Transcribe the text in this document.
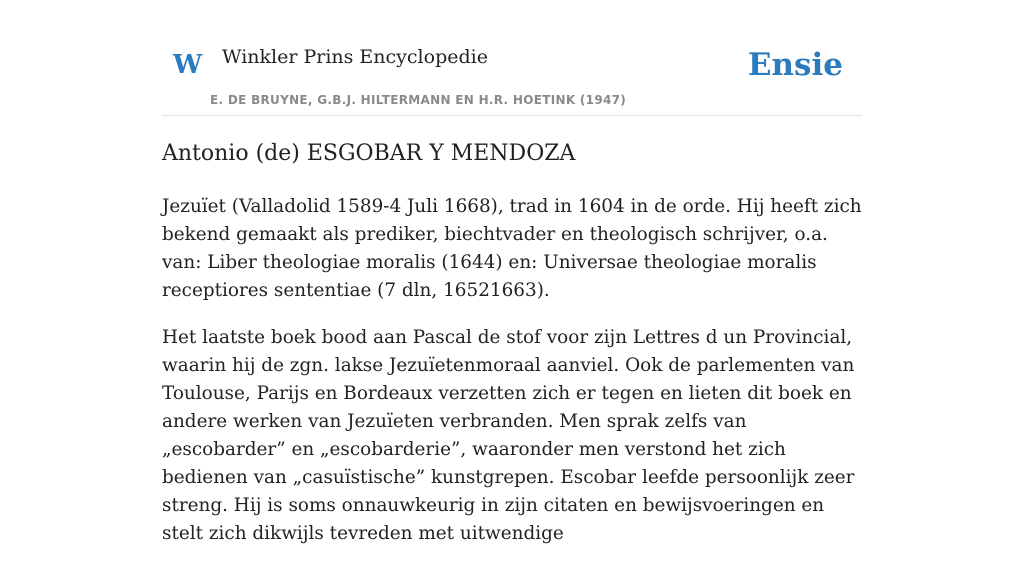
W Winkler Prins Encyclopedie
E. DE BRUYNE, G.B.J. HILTERMANN EN H.R. HOETINK (1947)
Ensie
Antonio (de) ESGOBAR Y MENDOZA

Jezuïet (Valladolid 1589-4 Juli 1668), trad in 1604 in de orde. Hij heeft zich bekend gemaakt als prediker, biechtvader en theologisch schrijver, o.a. van: Liber theologiae moralis (1644) en: Universae theologiae moralis receptiores sententiae (7 dln, 16521663).

Het laatste boek bood aan Pascal de stof voor zijn Lettres d un Provincial, waarin hij de zgn. lakse Jezuïetenmoraal aanviel. Ook de parlementen van Toulouse, Parijs en Bordeaux verzetten zich er tegen en lieten dit boek en andere werken van Jezuïeten verbranden. Men sprak zelfs van „escobarder” en „escobarderie”, waaronder men verstond het zich bedienen van „casuïstische” kunstgrepen. Escobar leefde persoonlijk zeer streng. Hij is soms onnauwkeurig in zijn citaten en bewijsvoeringen en stelt zich dikwijls tevreden met uitwendige
